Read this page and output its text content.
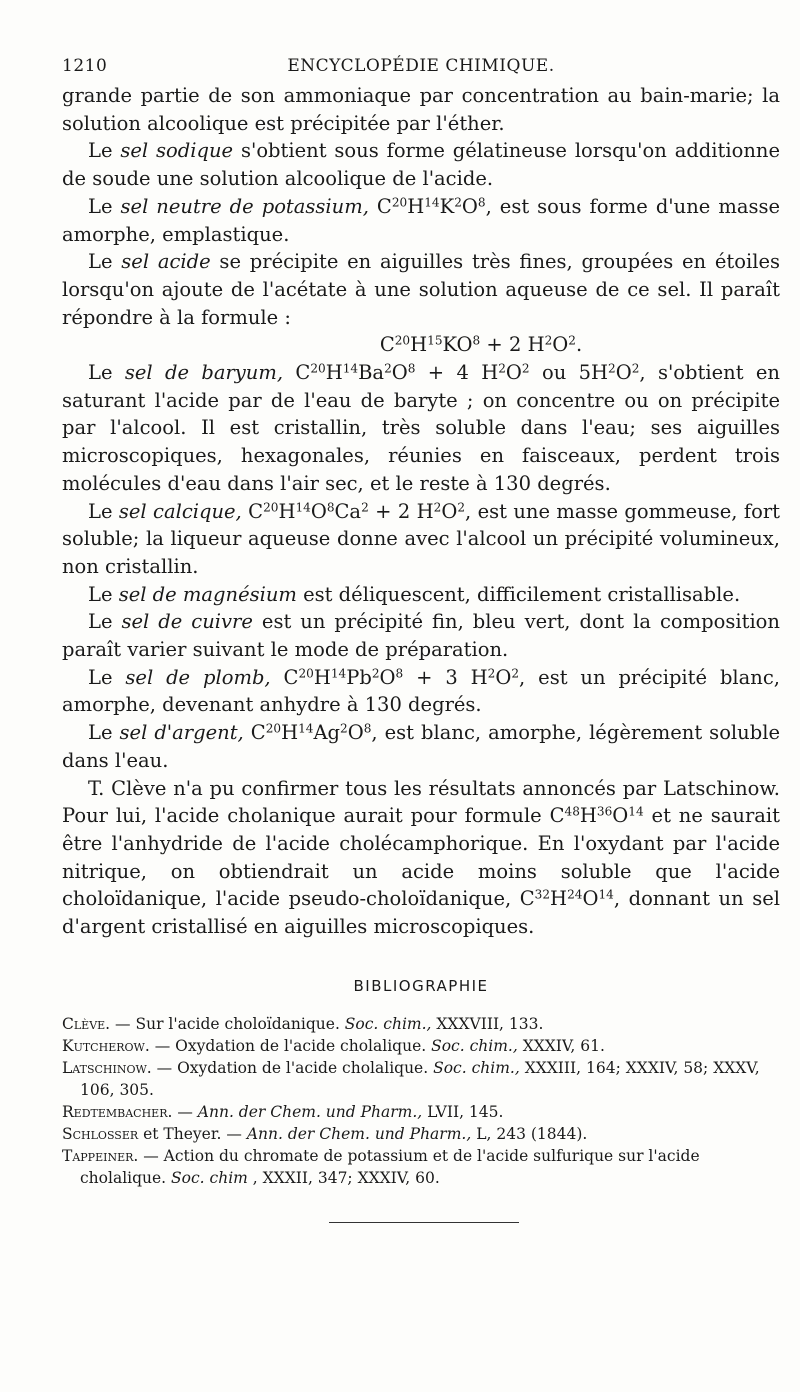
1210	ENCYCLOPÉDIE CHIMIQUE.

grande partie de son ammoniaque par concentration au bain-marie; la solution alcoolique est précipitée par l'éther.

Le sel sodique s'obtient sous forme gélatineuse lorsqu'on additionne de soude une solution alcoolique de l'acide.

Le sel neutre de potassium, $C^{20}H^{14}K^2O^8$, est sous forme d'une masse amorphe, emplastique.

Le sel acide se précipite en aiguilles très fines, groupées en étoiles lorsqu'on ajoute de l'acétate à une solution aqueuse de ce sel. Il paraît répondre à la formule :

$C^{20}H^{15}KO^8 + 2$ $H^2O^2$.

Le sel de baryum, $C^{20}H^{14}Ba^2O^8 + 4$ $H^2O^2$ ou $5H^2O^2$, s'obtient en saturant l'acide par de l'eau de baryte ; on concentre ou on précipite par l'alcool. Il est cristallin, très soluble dans l'eau; ses aiguilles microscopiques, hexagonales, réunies en faisceaux, perdent trois molécules d'eau dans l'air sec, et le reste à 130 degrés.

Le sel calcique, $C^{20}H^{14}O^8Ca^2 + 2$ $H^2O^2$, est une masse gommeuse, fort soluble; la liqueur aqueuse donne avec l'alcool un précipité volumineux, non cristallin.

Le sel de magnésium est déliquescent, difficilement cristallisable.

Le sel de cuivre est un précipité fin, bleu vert, dont la composition paraît varier suivant le mode de préparation.

Le sel de plomb, $C^{20}H^{14}Pb^2O^8 + 3$ $H^2O^2$, est un précipité blanc, amorphe, devenant anhydre à 130 degrés.

Le sel d'argent, $C^{20}H^{14}Ag^2O^8$, est blanc, amorphe, légèrement soluble dans l'eau.

T. Clève n'a pu confirmer tous les résultats annoncés par Latschinow. Pour lui, l'acide cholanique aurait pour formule $C^{48}H^{36}O^{14}$ et ne saurait être l'anhydride de l'acide cholécamphorique. En l'oxydant par l'acide nitrique, on obtiendrait un acide moins soluble que l'acide choloïdanique, l'acide pseudo-choloïdanique, $C^{32}H^{24}O^{14}$, donnant un sel d'argent cristallisé en aiguilles microscopiques.

BIBLIOGRAPHIE

Clève. — Sur l'acide choloïdanique. Soc. chim., XXXVIII, 133.

Kutcherow. — Oxydation de l'acide cholalique. Soc. chim., XXXIV, 61.

Latschinow. — Oxydation de l'acide cholalique. Soc. chim., XXXIII, 164; XXXIV, 58; XXXV, 106, 305.

Redtembacher. — Ann. der Chem. und Pharm., LVII, 145.

Schlosser et Theyer. — Ann. der Chem. und Pharm., L, 243 (1844).

Tappeiner. — Action du chromate de potassium et de l'acide sulfurique sur l'acide cholalique. Soc. chim , XXXII, 347; XXXIV, 60.
